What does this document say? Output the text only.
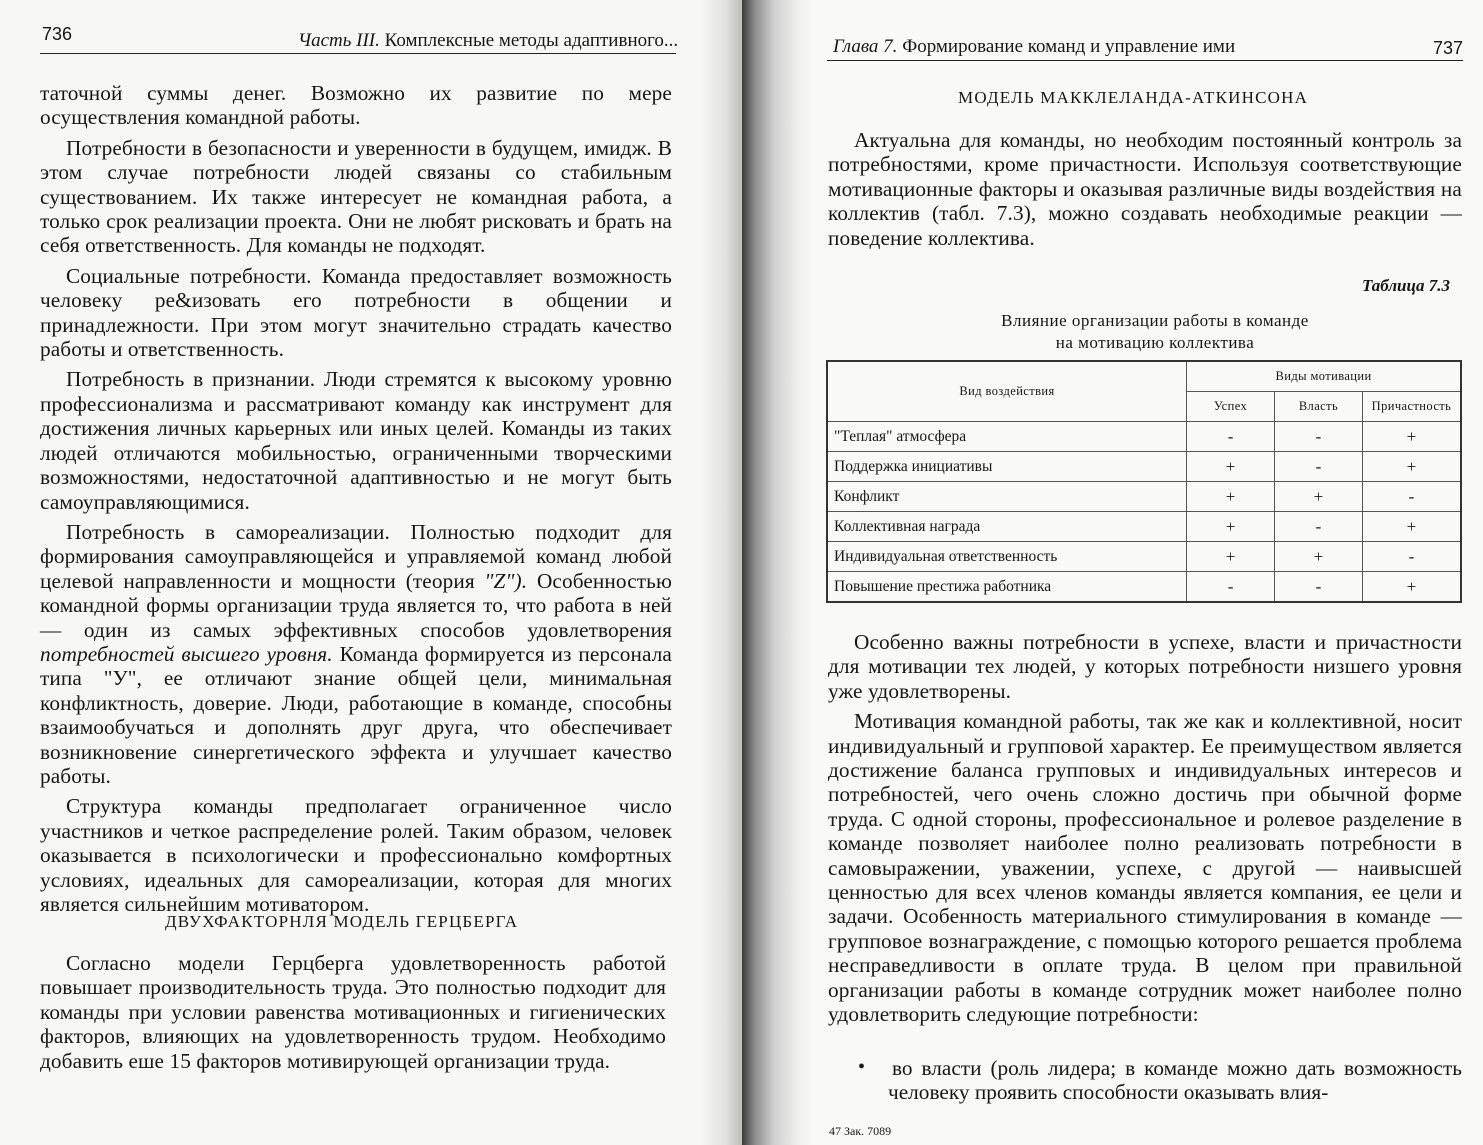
736	Часть III. Комплексные методы адаптивного...

таточной суммы денег. Возможно их развитие по мере осуществления командной работы.

Потребности в безопасности и уверенности в будущем, имидж. В этом случае потребности людей связаны со стабильным существованием. Их также интересует не командная работа, а только срок реализации проекта. Они не любят рисковать и брать на себя ответственность. Для команды не подходят.

Социальные потребности. Команда предоставляет возможность человеку ре&изовать его потребности в общении и принадлежности. При этом могут значительно страдать качество работы и ответственность.

Потребность в признании. Люди стремятся к высокому уровню профессионализма и рассматривают команду как инструмент для достижения личных карьерных или иных целей. Команды из таких людей отличаются мобильностью, ограниченными творческими возможностями, недостаточной адаптивностью и не могут быть самоуправляющимися.

Потребность в самореализации. Полностью подходит для формирования самоуправляющейся и управляемой команд любой целевой направленности и мощности (теория "Z"). Особенностью командной формы организации труда является то, что работа в ней — один из самых эффективных способов удовлетворения потребностей высшего уровня. Команда формируется из персонала типа "У", ее отличают знание общей цели, минимальная конфликтность, доверие. Люди, работающие в команде, способны взаимообучаться и дополнять друг друга, что обеспечивает возникновение синергетического эффекта и улучшает качество работы.

Структура команды предполагает ограниченное число участников и четкое распределение ролей. Таким образом, человек оказывается в психологически и профессионально комфортных условиях, идеальных для самореализации, которая для многих является сильнейшим мотиватором.

ДВУХФАКТОРНЛЯ МОДЕЛЬ ГЕРЦБЕРГА

Согласно модели Герцберга удовлетворенность работой повышает производительность труда. Это полностью подходит для команды при условии равенства мотивационных и гигиенических факторов, влияющих на удовлетворенность трудом. Необходимо добавить еше 15 факторов мотивирующей организации труда.

Глава 7. Формирование команд и управление ими	737
МОДЕЛЬ МАККЛЕЛАНДА-АТКИНСОНА

Актуальна для команды, но необходим постоянный контроль за потребностями, кроме причастности. Используя соответствующие мотивационные факторы и оказывая различные виды воздействия на коллектив (табл. 7.3), можно создавать необходимые реакции — поведение коллектива.

Таблица 7.3
Влияние организации работы в команде
на мотивацию коллектива
Вид воздействия	Виды мотивации		
	Успех	Власть	Причастность
"Теплая" атмосфера	-	-	+
Поддержка инициативы	+	-	+
Конфликт	+	+	-
Коллективная награда	+	-	+
Индивидуальная ответственность	+	+	-
Повышение престижа работника	-	-	+

Особенно важны потребности в успехе, власти и причастности для мотивации тех людей, у которых потребности низшего уровня уже удовлетворены.

Мотивация командной работы, так же как и коллективной, носит индивидуальный и групповой характер. Ее преимуществом является достижение баланса групповых и индивидуальных интересов и потребностей, чего очень сложно достичь при обычной форме труда. С одной стороны, профессиональное и ролевое разделение в команде позволяет наиболее полно реализовать потребности в самовыражении, уважении, успехе, с другой — наивысшей ценностью для всех членов команды является компания, ее цели и задачи. Особенность материального стимулирования в команде — групповое вознаграждение, с помощью которого решается проблема несправедливости в оплате труда. В целом при правильной организации работы в команде сотрудник может наиболее полно удовлетворить следующие потребности:

• во власти (роль лидера; в команде можно дать возможность человеку проявить способности оказывать влия-
47 Зак. 7089
